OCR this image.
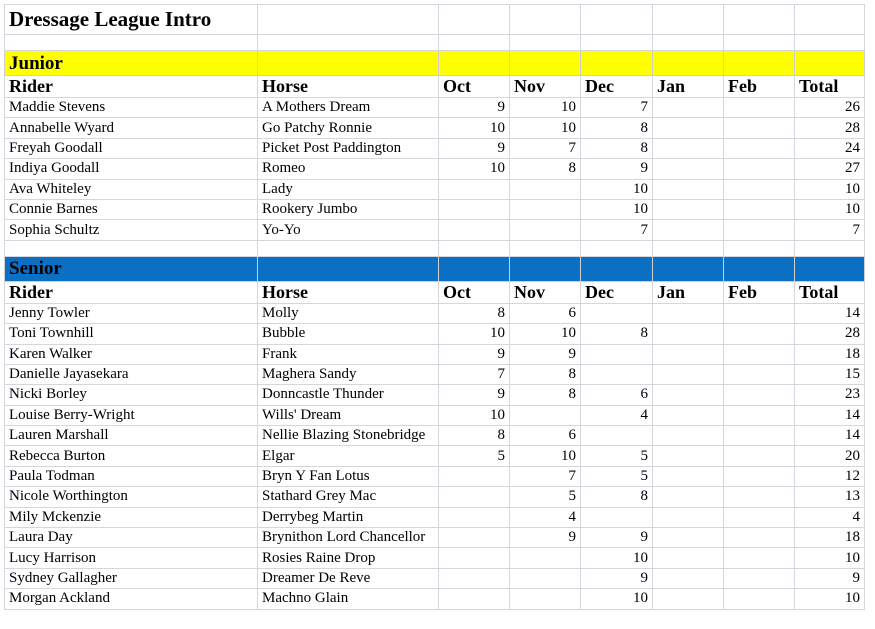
Dressage League Intro							

Junior							
Rider	Horse	Oct	Nov	Dec	Jan	Feb	Total
Maddie Stevens	A Mothers Dream	9	10	7			26
Annabelle Wyard	Go Patchy Ronnie	10	10	8			28
Freyah Goodall	Picket Post Paddington	9	7	8			24
Indiya Goodall	Romeo	10	8	9			27
Ava Whiteley	Lady			10			10
Connie Barnes	Rookery Jumbo			10			10
Sophia Schultz	Yo-Yo			7			7

Senior							
Rider	Horse	Oct	Nov	Dec	Jan	Feb	Total
Jenny Towler	Molly	8	6				14
Toni Townhill	Bubble	10	10	8			28
Karen Walker	Frank	9	9				18
Danielle Jayasekara	Maghera Sandy	7	8				15
Nicki Borley	Donncastle Thunder	9	8	6			23
Louise Berry-Wright	Wills' Dream	10		4			14
Lauren Marshall	Nellie Blazing Stonebridge	8	6				14
Rebecca Burton	Elgar	5	10	5			20
Paula Todman	Bryn Y Fan Lotus		7	5			12
Nicole Worthington	Stathard Grey Mac		5	8			13
Mily Mckenzie	Derrybeg Martin		4				4
Laura Day	Brynithon Lord Chancellor		9	9			18
Lucy Harrison	Rosies Raine Drop			10			10
Sydney Gallagher	Dreamer De Reve			9			9
Morgan Ackland	Machno Glain			10			10
